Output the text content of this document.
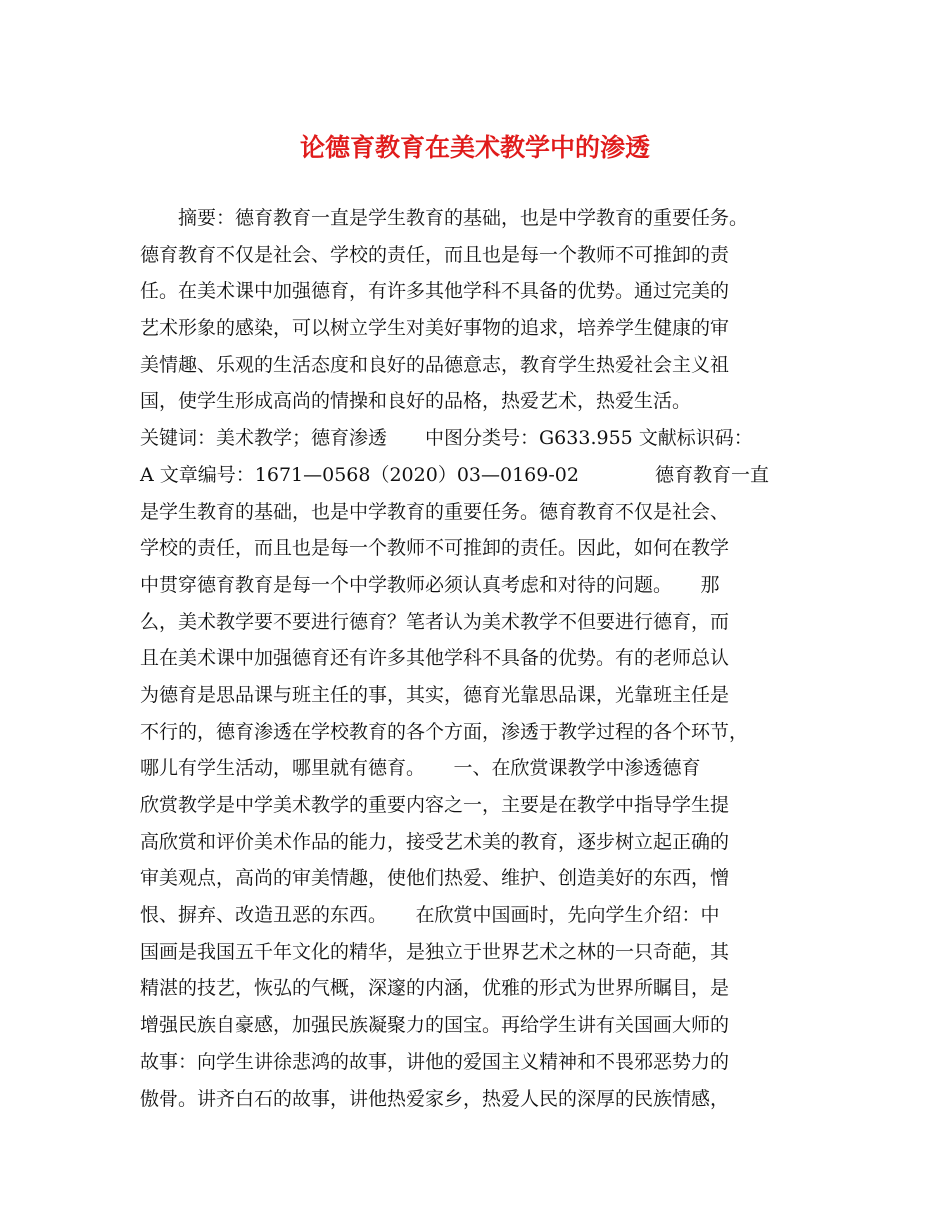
论德育教育在美术教学中的渗透
　　摘要：德育教育一直是学生教育的基础，也是中学教育的重要任务。
德育教育不仅是社会、学校的责任，而且也是每一个教师不可推卸的责
任。在美术课中加强德育，有许多其他学科不具备的优势。通过完美的
艺术形象的感染，可以树立学生对美好事物的追求，培养学生健康的审
美情趣、乐观的生活态度和良好的品德意志，教育学生热爱社会主义祖
国，使学生形成高尚的情操和良好的品格，热爱艺术，热爱生活。
关键词：美术教学；德育渗透　　中图分类号：G633.955 文献标识码：
A 文章编号：1671—0568（2020）03—0169-02　　　　德育教育一直
是学生教育的基础，也是中学教育的重要任务。德育教育不仅是社会、
学校的责任，而且也是每一个教师不可推卸的责任。因此，如何在教学
中贯穿德育教育是每一个中学教师必须认真考虑和对待的问题。　　那
么，美术教学要不要进行德育？笔者认为美术教学不但要进行德育，而
且在美术课中加强德育还有许多其他学科不具备的优势。有的老师总认
为德育是思品课与班主任的事，其实，德育光靠思品课，光靠班主任是
不行的，德育渗透在学校教育的各个方面，渗透于教学过程的各个环节，
哪儿有学生活动，哪里就有德育。　　一、在欣赏课教学中渗透德育
欣赏教学是中学美术教学的重要内容之一，主要是在教学中指导学生提
高欣赏和评价美术作品的能力，接受艺术美的教育，逐步树立起正确的
审美观点，高尚的审美情趣，使他们热爱、维护、创造美好的东西，憎
恨、摒弃、改造丑恶的东西。　　在欣赏中国画时，先向学生介绍：中
国画是我国五千年文化的精华，是独立于世界艺术之林的一只奇葩，其
精湛的技艺，恢弘的气概，深邃的内涵，优雅的形式为世界所瞩目，是
增强民族自豪感，加强民族凝聚力的国宝。再给学生讲有关国画大师的
故事：向学生讲徐悲鸿的故事，讲他的爱国主义精神和不畏邪恶势力的
傲骨。讲齐白石的故事，讲他热爱家乡，热爱人民的深厚的民族情感，
